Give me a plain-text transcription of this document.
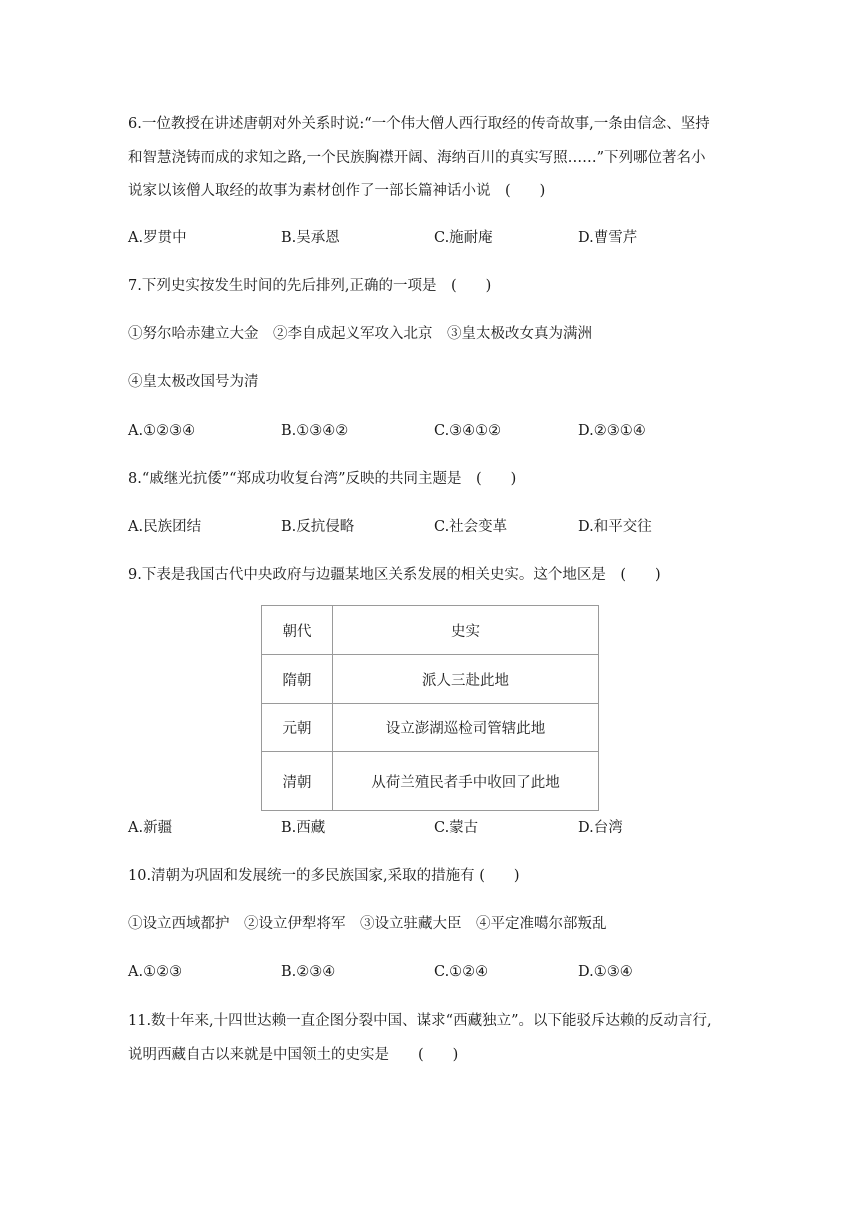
6.一位教授在讲述唐朝对外关系时说:“一个伟大僧人西行取经的传奇故事,一条由信念、坚持
和智慧浇铸而成的求知之路,一个民族胸襟开阔、海纳百川的真实写照……”下列哪位著名小
说家以该僧人取经的故事为素材创作了一部长篇神话小说　(　　)
A.罗贯中	B.吴承恩	C.施耐庵	D.曹雪芹
7.下列史实按发生时间的先后排列,正确的一项是　(　　)
①努尔哈赤建立大金　②李自成起义军攻入北京　③皇太极改女真为满洲
④皇太极改国号为清
A.①②③④	B.①③④②	C.③④①②	D.②③①④
8.“戚继光抗倭”“郑成功收复台湾”反映的共同主题是　(　　)
A.民族团结	B.反抗侵略	C.社会变革	D.和平交往
9.下表是我国古代中央政府与边疆某地区关系发展的相关史实。这个地区是　(　　)
朝代	史实
隋朝	派人三赴此地
元朝	设立澎湖巡检司管辖此地
清朝	从荷兰殖民者手中收回了此地
A.新疆	B.西藏	C.蒙古	D.台湾
10.清朝为巩固和发展统一的多民族国家,采取的措施有 (　　)
①设立西域都护　②设立伊犁将军　③设立驻藏大臣　④平定准噶尔部叛乱
A.①②③	B.②③④	C.①②④	D.①③④
11.数十年来,十四世达赖一直企图分裂中国、谋求“西藏独立”。以下能驳斥达赖的反动言行,
说明西藏自古以来就是中国领土的史实是　　(　　)
